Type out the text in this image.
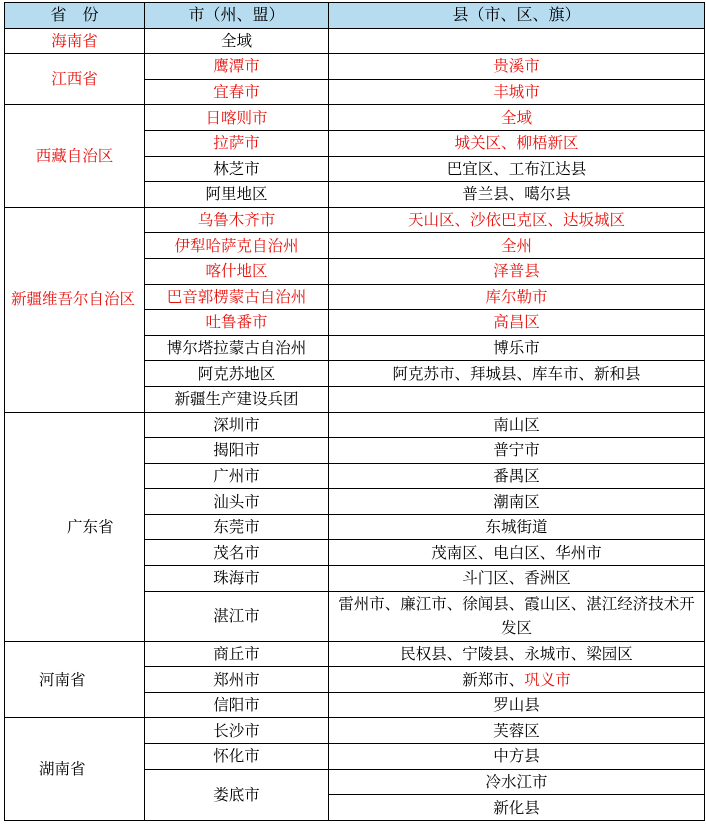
省　份	市（州、盟）	县（市、区、旗）
海南省	全域	
江西省	鹰潭市	贵溪市
	宜春市	丰城市
西藏自治区	日喀则市	全域
	拉萨市	城关区、柳梧新区
	林芝市	巴宜区、工布江达县
	阿里地区	普兰县、噶尔县
新疆维吾尔自治区	乌鲁木齐市	天山区、沙依巴克区、达坂城区
	伊犁哈萨克自治州	全州
	喀什地区	泽普县
	巴音郭楞蒙古自治州	库尔勒市
	吐鲁番市	高昌区
	博尔塔拉蒙古自治州	博乐市
	阿克苏地区	阿克苏市、拜城县、库车市、新和县
	新疆生产建设兵团	
广东省	深圳市	南山区
	揭阳市	普宁市
	广州市	番禺区
	汕头市	潮南区
	东莞市	东城街道
	茂名市	茂南区、电白区、华州市
	珠海市	斗门区、香洲区
	湛江市	雷州市、廉江市、徐闻县、霞山区、湛江经济技术开发区
河南省	商丘市	民权县、宁陵县、永城市、梁园区
	郑州市	新郑市、巩义市
	信阳市	罗山县
湖南省	长沙市	芙蓉区
	怀化市	中方县
	娄底市	冷水江市
		新化县
